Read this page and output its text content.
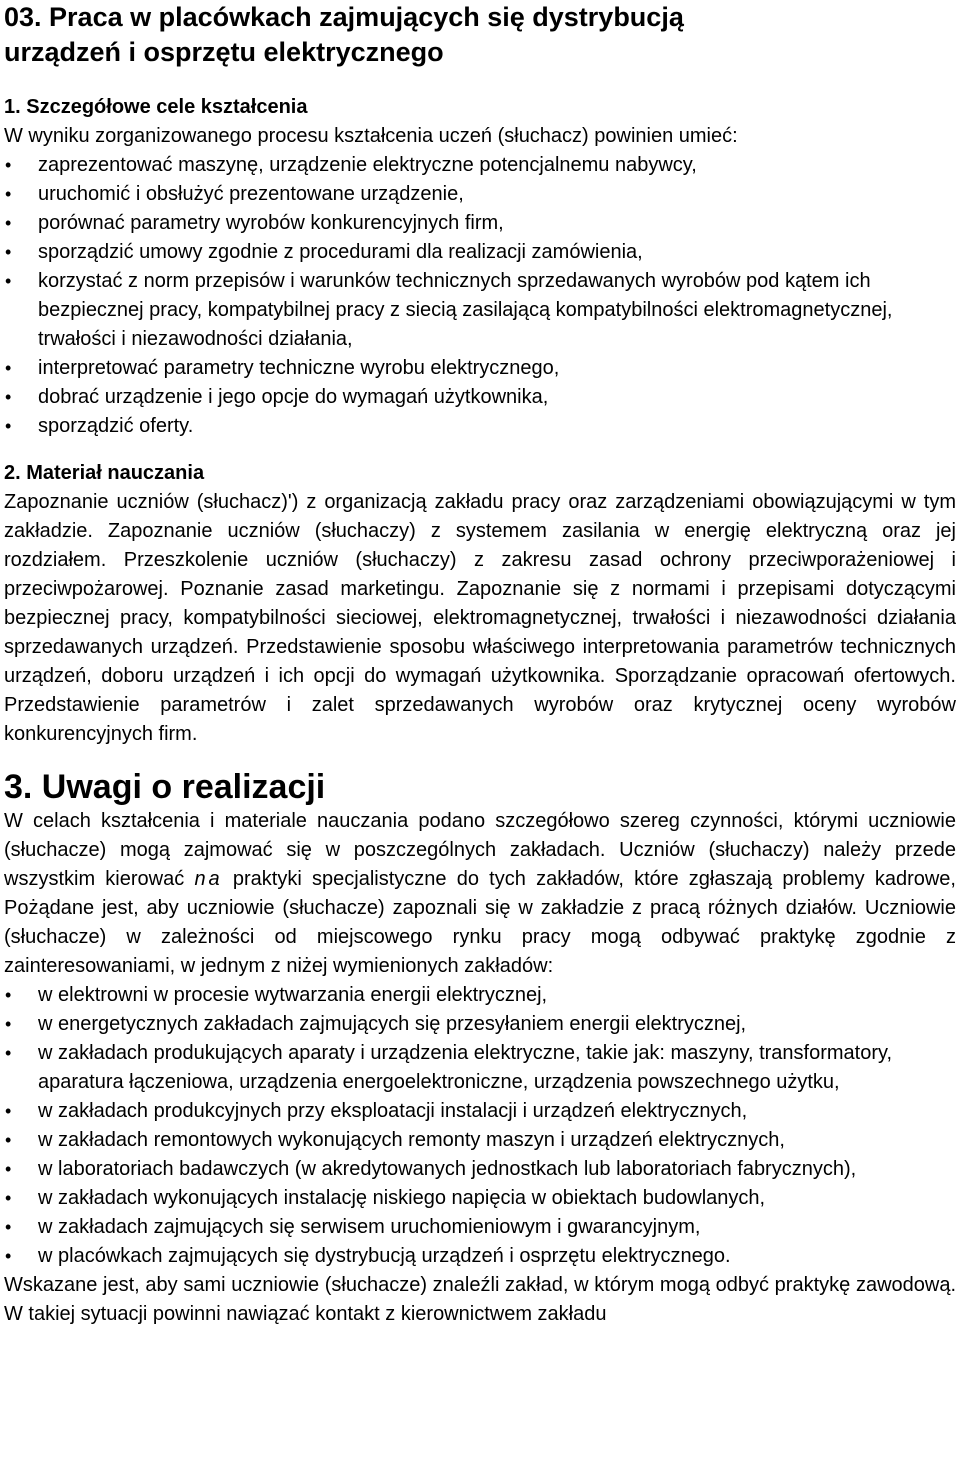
03. Praca w placówkach zajmujących się dystrybucją
urządzeń i osprzętu elektrycznego

1. Szczegółowe cele kształcenia

W wyniku zorganizowanego procesu kształcenia uczeń (słuchacz) powinien umieć:

• zaprezentować maszynę, urządzenie elektryczne potencjalnemu nabywcy,
• uruchomić i obsłużyć prezentowane urządzenie,
• porównać parametry wyrobów konkurencyjnych firm,
• sporządzić umowy zgodnie z procedurami dla realizacji zamówienia,
• korzystać z norm przepisów i warunków technicznych sprzedawanych wyrobów pod kątem ich bezpiecznej pracy, kompatybilnej pracy z siecią zasilającą kompatybilności elektromagnetycznej, trwałości i niezawodności działania,
• interpretować parametry techniczne wyrobu elektrycznego,
• dobrać urządzenie i jego opcje do wymagań użytkownika,
• sporządzić oferty.

2. Materiał nauczania

Zapoznanie uczniów (słuchacz)') z organizacją zakładu pracy oraz zarządzeniami obowiązującymi w tym zakładzie. Zapoznanie uczniów (słuchaczy) z systemem zasilania w energię elektryczną oraz jej rozdziałem. Przeszkolenie uczniów (słuchaczy) z zakresu zasad ochrony przeciwporażeniowej i przeciwpożarowej. Poznanie zasad marketingu. Zapoznanie się z normami i przepisami dotyczącymi bezpiecznej pracy, kompatybilności sieciowej, elektromagnetycznej, trwałości i niezawodności działania sprzedawanych urządzeń. Przedstawienie sposobu właściwego interpretowania parametrów technicznych urządzeń, doboru urządzeń i ich opcji do wymagań użytkownika. Sporządzanie opracowań ofertowych. Przedstawienie parametrów i zalet sprzedawanych wyrobów oraz krytycznej oceny wyrobów konkurencyjnych firm.

3. Uwagi o realizacji

W celach kształcenia i materiale nauczania podano szczegółowo szereg czynności, którymi uczniowie (słuchacze) mogą zajmować się w poszczególnych zakładach. Uczniów (słuchaczy) należy przede wszystkim kierować na praktyki specjalistyczne do tych zakładów, które zgłaszają problemy kadrowe, Pożądane jest, aby uczniowie (słuchacze) zapoznali się w zakładzie z pracą różnych działów. Uczniowie (słuchacze) w zależności od miejscowego rynku pracy mogą odbywać praktykę zgodnie z zainteresowaniami, w jednym z niżej wymienionych zakładów:

• w elektrowni w procesie wytwarzania energii elektrycznej,
• w energetycznych zakładach zajmujących się przesyłaniem energii elektrycznej,
• w zakładach produkujących aparaty i urządzenia elektryczne, takie jak: maszyny, transformatory, aparatura łączeniowa, urządzenia energoelektroniczne, urządzenia powszechnego użytku,
• w zakładach produkcyjnych przy eksploatacji instalacji i urządzeń elektrycznych,
• w zakładach remontowych wykonujących remonty maszyn i urządzeń elektrycznych,
• w laboratoriach badawczych (w akredytowanych jednostkach lub laboratoriach fabrycznych),
• w zakładach wykonujących instalację niskiego napięcia w obiektach budowlanych,
• w zakładach zajmujących się serwisem uruchomieniowym i gwarancyjnym,
• w placówkach zajmujących się dystrybucją urządzeń i osprzętu elektrycznego.

Wskazane jest, aby sami uczniowie (słuchacze) znaleźli zakład, w którym mogą odbyć praktykę zawodową. W takiej sytuacji powinni nawiązać kontakt z kierownictwem zakładu
